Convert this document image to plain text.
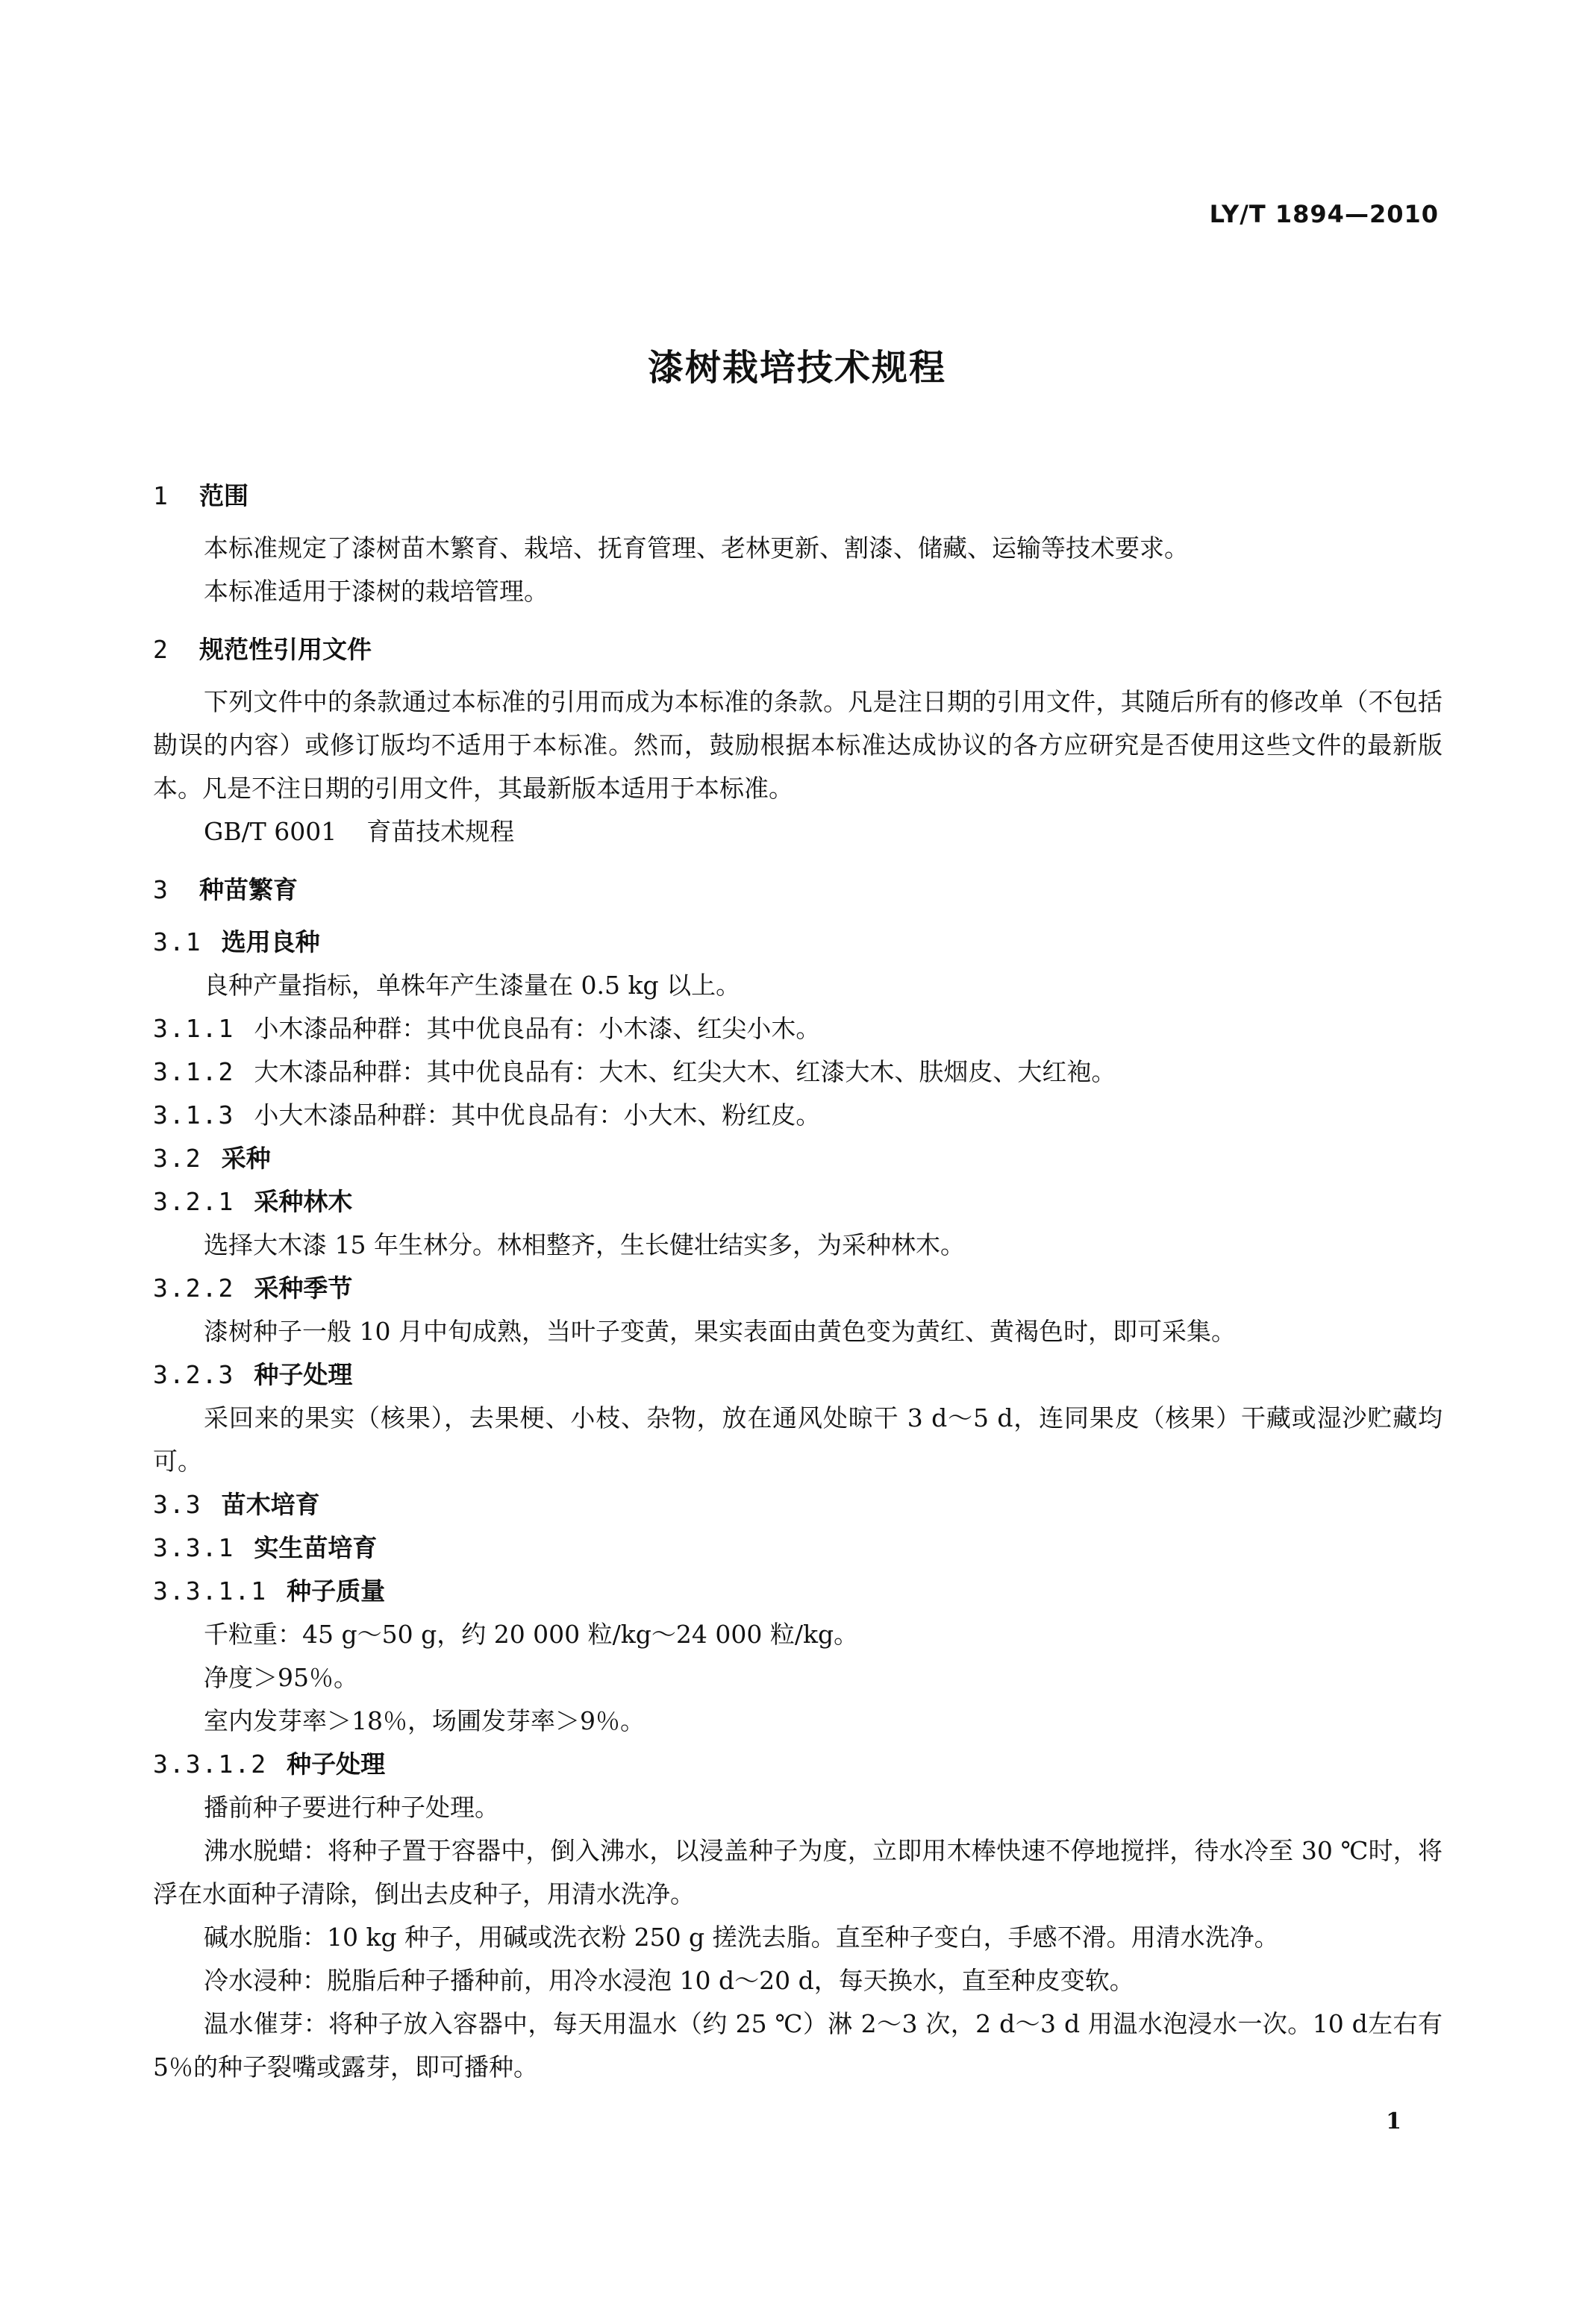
LY/T 1894—2010
漆树栽培技术规程

1 范围

本标准规定了漆树苗木繁育、栽培、抚育管理、老林更新、割漆、储藏、运输等技术要求。

本标准适用于漆树的栽培管理。

2 规范性引用文件

下列文件中的条款通过本标准的引用而成为本标准的条款。凡是注日期的引用文件，其随后所有的修改单（不包括勘误的内容）或修订版均不适用于本标准。然而，鼓励根据本标准达成协议的各方应研究是否使用这些文件的最新版本。凡是不注日期的引用文件，其最新版本适用于本标准。

GB/T 6001 育苗技术规程

3 种苗繁育

3.1 选用良种

良种产量指标，单株年产生漆量在 0.5 kg 以上。

3.1.1 小木漆品种群：其中优良品有：小木漆、红尖小木。

3.1.2 大木漆品种群：其中优良品有：大木、红尖大木、红漆大木、肤烟皮、大红袍。

3.1.3 小大木漆品种群：其中优良品有：小大木、粉红皮。

3.2 采种

3.2.1 采种林木

选择大木漆 15 年生林分。林相整齐，生长健壮结实多，为采种林木。

3.2.2 采种季节

漆树种子一般 10 月中旬成熟，当叶子变黄，果实表面由黄色变为黄红、黄褐色时，即可采集。

3.2.3 种子处理

采回来的果实（核果），去果梗、小枝、杂物，放在通风处晾干 3 d～5 d，连同果皮（核果）干藏或湿沙贮藏均可。

3.3 苗木培育

3.3.1 实生苗培育

3.3.1.1 种子质量

千粒重：45 g～50 g，约 20 000 粒/kg～24 000 粒/kg。

净度＞95％。

室内发芽率＞18％，场圃发芽率＞9％。

3.3.1.2 种子处理

播前种子要进行种子处理。

沸水脱蜡：将种子置于容器中，倒入沸水，以浸盖种子为度，立即用木棒快速不停地搅拌，待水冷至 30 ℃时，将浮在水面种子清除，倒出去皮种子，用清水洗净。

碱水脱脂：10 kg 种子，用碱或洗衣粉 250 g 搓洗去脂。直至种子变白，手感不滑。用清水洗净。

冷水浸种：脱脂后种子播种前，用冷水浸泡 10 d～20 d，每天换水，直至种皮变软。

温水催芽：将种子放入容器中，每天用温水（约 25 ℃）淋 2～3 次，2 d～3 d 用温水泡浸水一次。10 d左右有 5％的种子裂嘴或露芽，即可播种。

1
